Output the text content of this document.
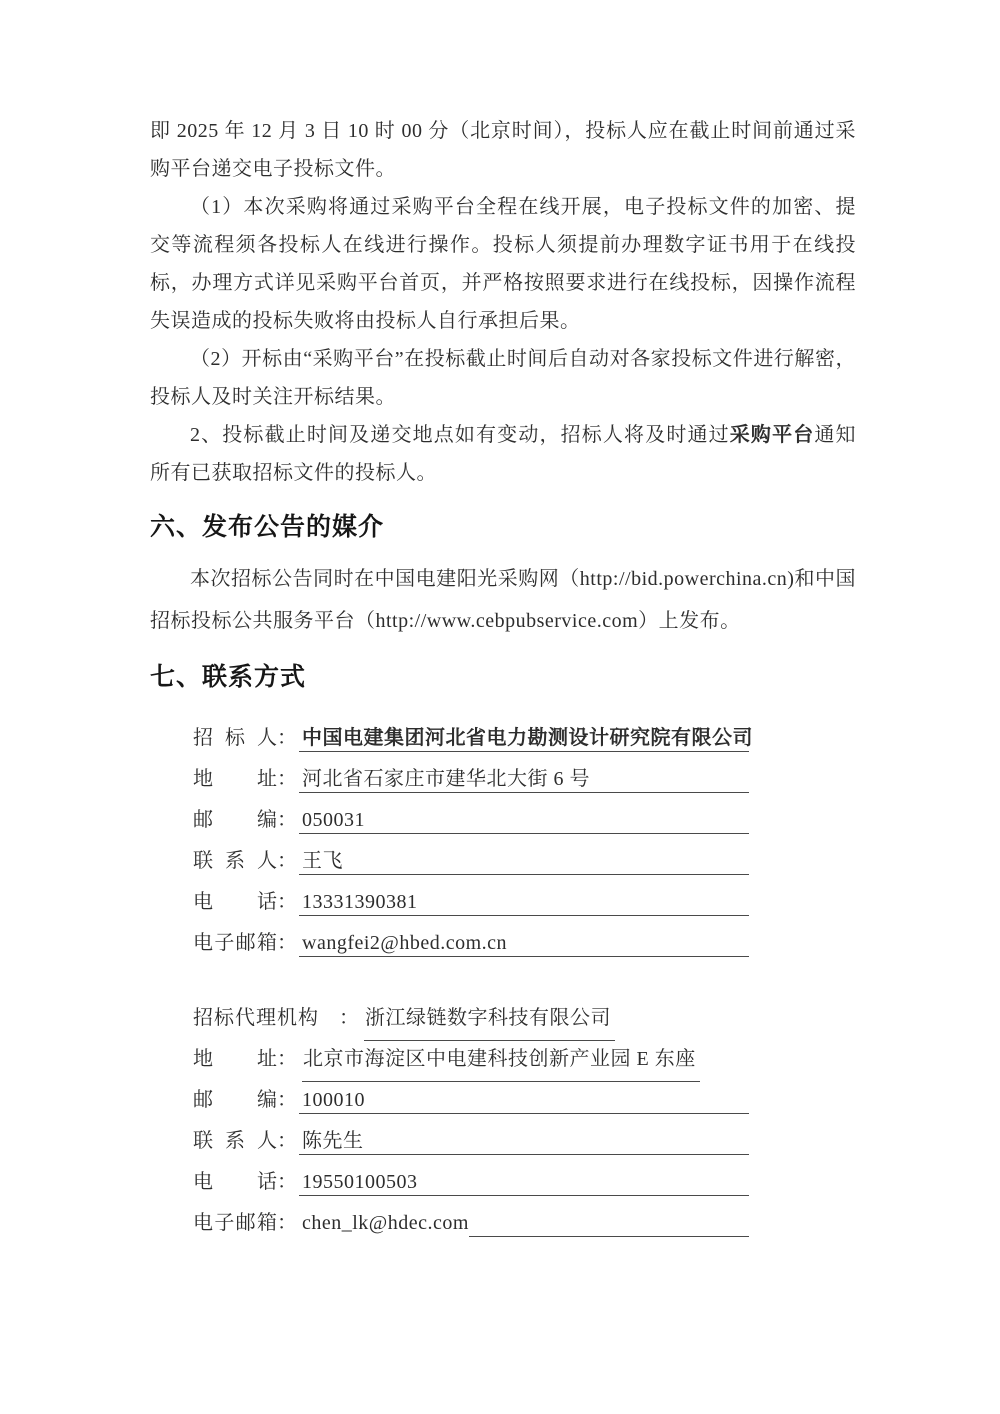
即 2025 年 12 月 3 日 10 时 00 分（北京时间），投标人应在截止时间前通过采购平台递交电子投标文件。

（1）本次采购将通过采购平台全程在线开展，电子投标文件的加密、提交等流程须各投标人在线进行操作。投标人须提前办理数字证书用于在线投标，办理方式详见采购平台首页，并严格按照要求进行在线投标，因操作流程失误造成的投标失败将由投标人自行承担后果。

（2）开标由“采购平台”在投标截止时间后自动对各家投标文件进行解密，投标人及时关注开标结果。

2、投标截止时间及递交地点如有变动，招标人将及时通过采购平台通知所有已获取招标文件的投标人。

六、发布公告的媒介

本次招标公告同时在中国电建阳光采购网（http://bid.powerchina.cn)和中国招标投标公共服务平台（http://www.cebpubservice.com）上发布。

七、联系方式
招标人 ： 中国电建集团河北省电力勘测设计研究院有限公司
地址 ： 河北省石家庄市建华北大街 6 号
邮编 ： 050031
联系人 ： 王飞
电话 ： 13331390381
电子邮箱 ： wangfei2@hbed.com.cn
招标代理机构	： 浙江绿链数字科技有限公司
地址 ： 北京市海淀区中电建科技创新产业园 E 东座
邮编 ： 100010
联系人 ： 陈先生
电话 ： 19550100503
电子邮箱 ： chen_lk@hdec.com
